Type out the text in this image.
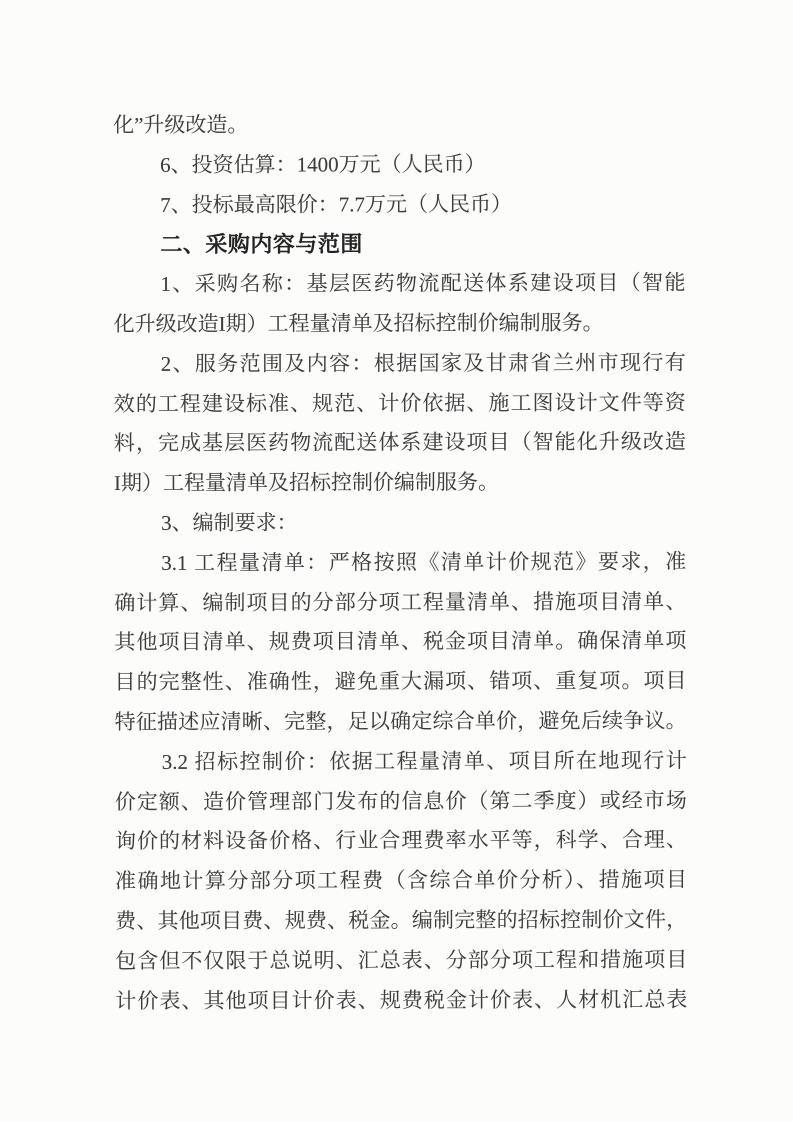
化”升级改造。
6、投资估算：1400万元（人民币）
7、投标最高限价：7.7万元（人民币）
二、采购内容与范围
1、采购名称：基层医药物流配送体系建设项目（智能
化升级改造I期）工程量清单及招标控制价编制服务。
2、服务范围及内容：根据国家及甘肃省兰州市现行有
效的工程建设标准、规范、计价依据、施工图设计文件等资
料，完成基层医药物流配送体系建设项目（智能化升级改造
I期）工程量清单及招标控制价编制服务。
3、编制要求：
3.1 工程量清单：严格按照《清单计价规范》要求，准
确计算、编制项目的分部分项工程量清单、措施项目清单、
其他项目清单、规费项目清单、税金项目清单。确保清单项
目的完整性、准确性，避免重大漏项、错项、重复项。项目
特征描述应清晰、完整，足以确定综合单价，避免后续争议。
3.2 招标控制价：依据工程量清单、项目所在地现行计
价定额、造价管理部门发布的信息价（第二季度）或经市场
询价的材料设备价格、行业合理费率水平等，科学、合理、
准确地计算分部分项工程费（含综合单价分析）、措施项目
费、其他项目费、规费、税金。编制完整的招标控制价文件，
包含但不仅限于总说明、汇总表、分部分项工程和措施项目
计价表、其他项目计价表、规费税金计价表、人材机汇总表
